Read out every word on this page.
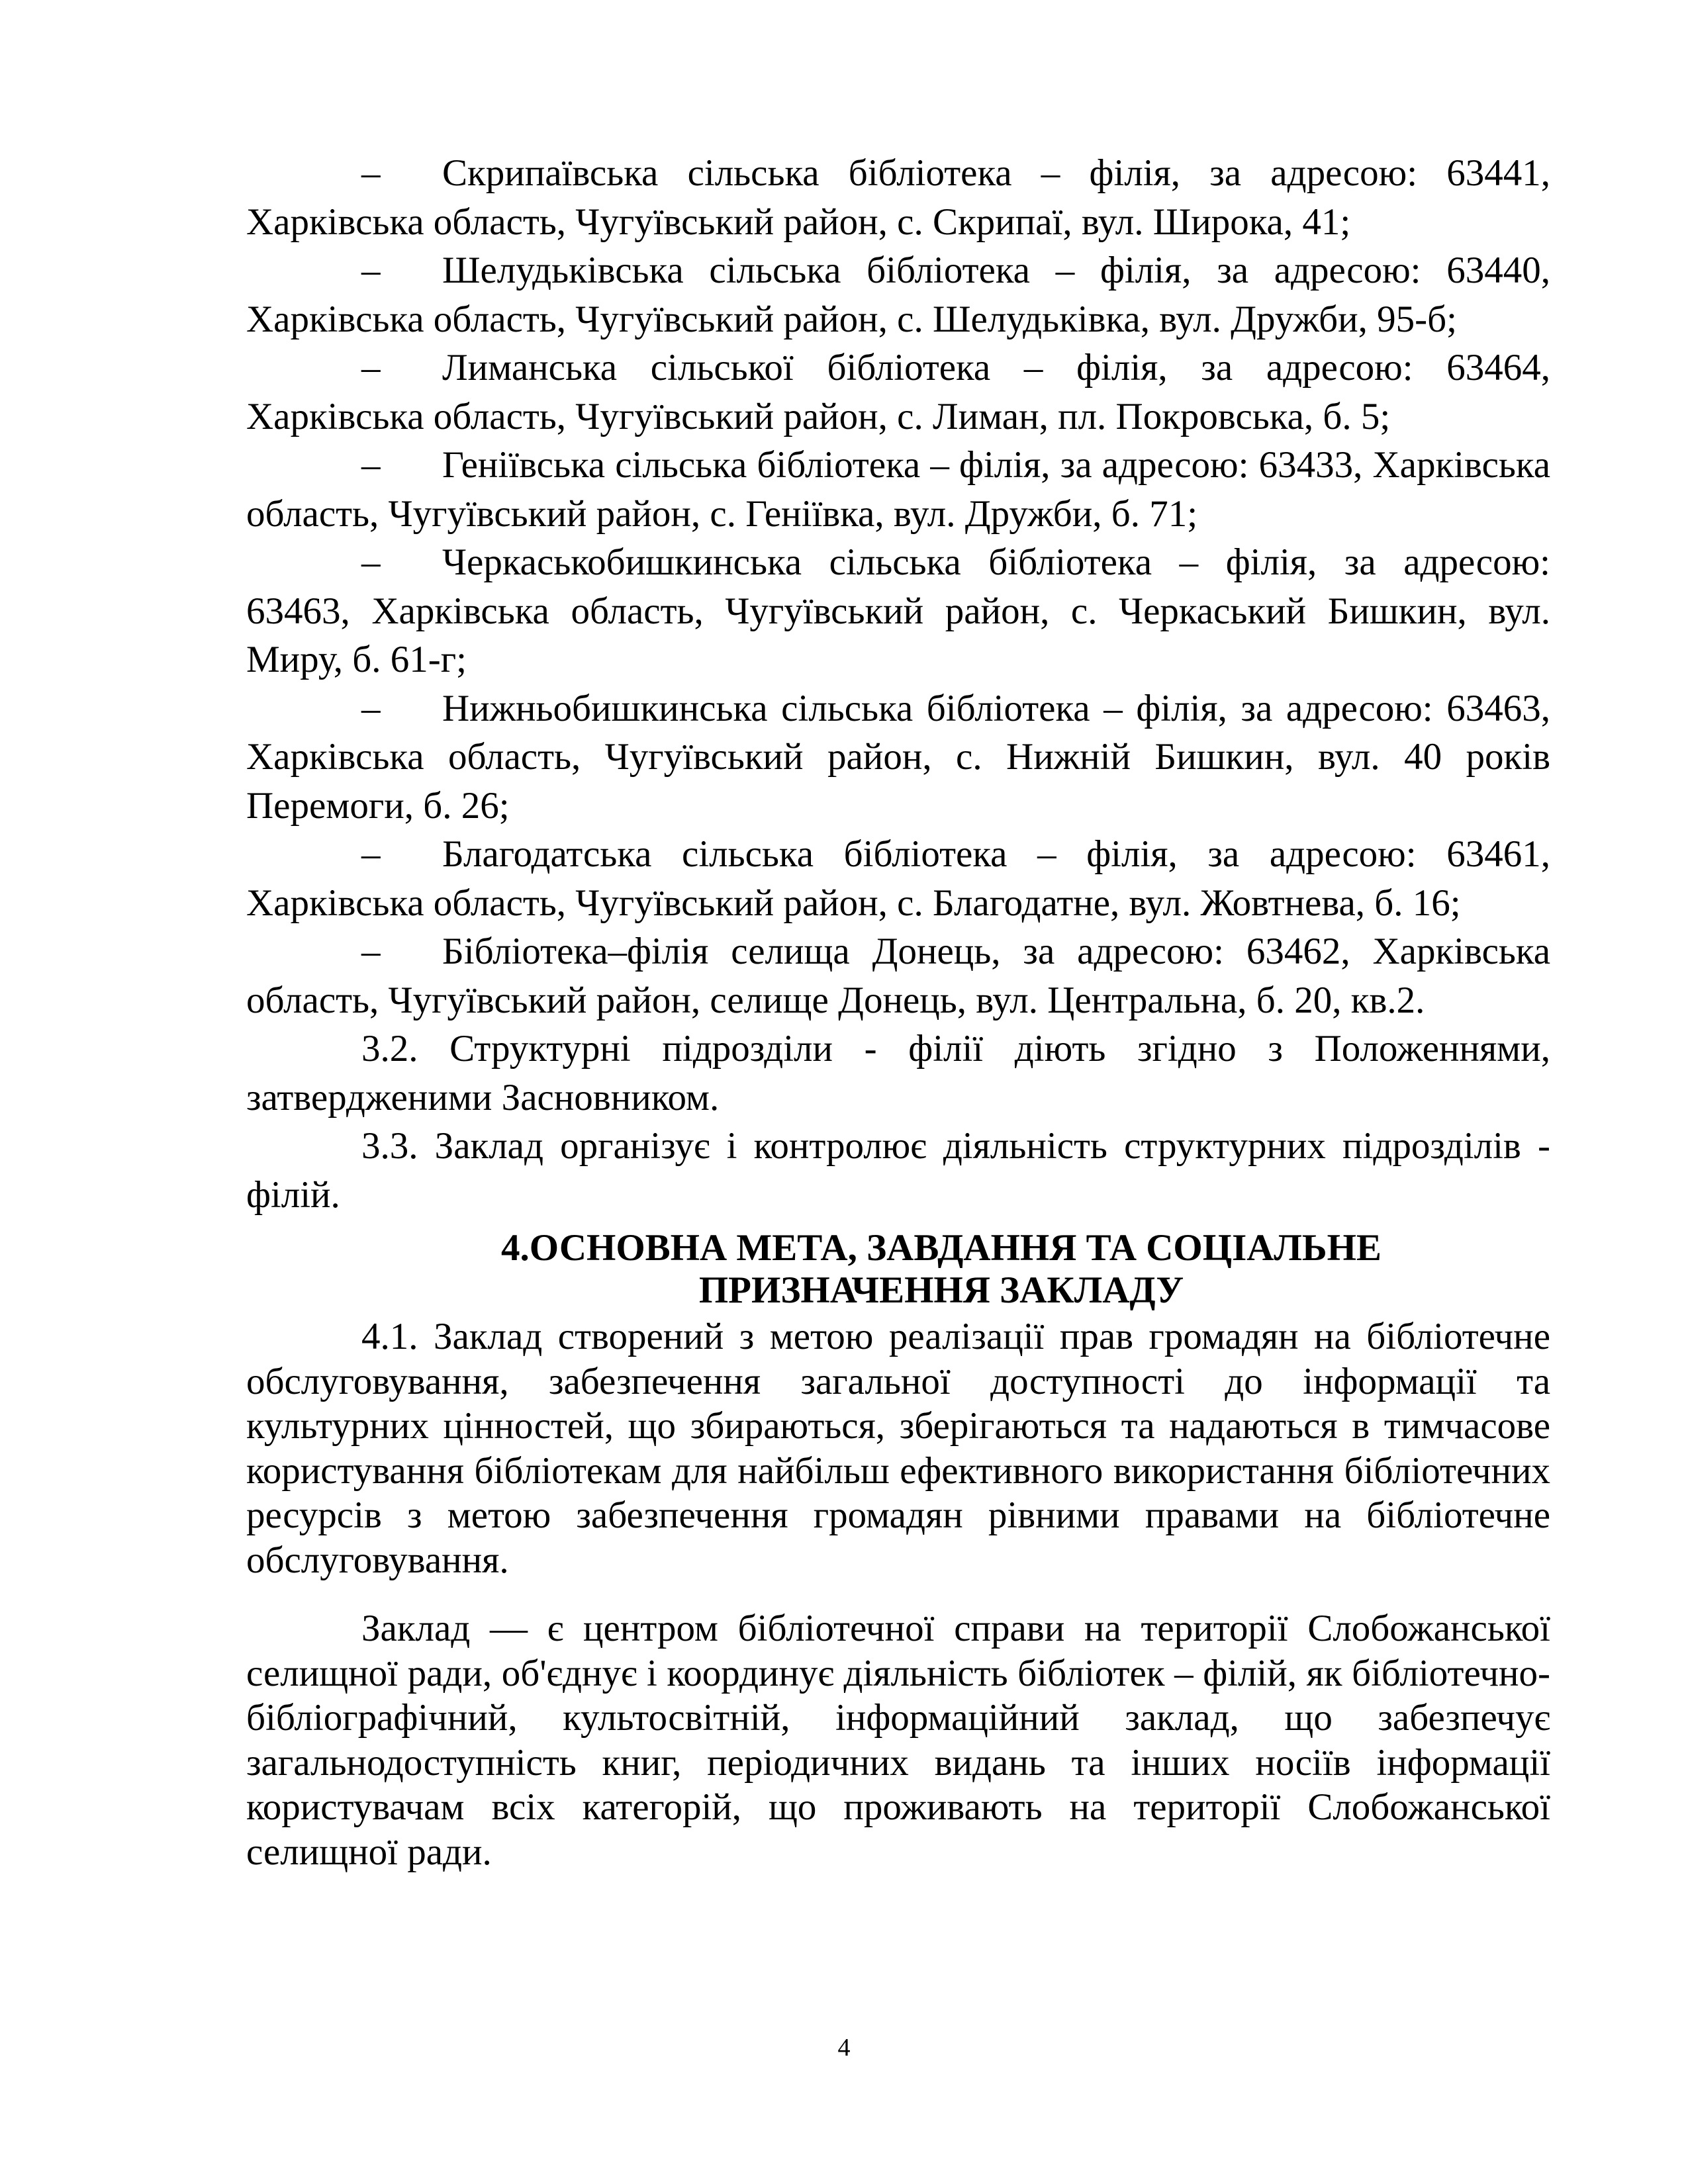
– Скрипаївська сільська бібліотека – філія, за адресою: 63441, Харківська область, Чугуївський район, с. Скрипаї, вул. Широка, 41;

– Шелудьківська сільська бібліотека – філія, за адресою: 63440, Харківська область, Чугуївський район, с. Шелудьківка, вул. Дружби, 95-б;

– Лиманська сільської бібліотека – філія, за адресою: 63464, Харківська область, Чугуївський район, с. Лиман, пл. Покровська, б. 5;

– Геніївська сільська бібліотека – філія, за адресою: 63433, Харківська область, Чугуївський район, с. Геніївка, вул. Дружби, б. 71;

– Черкаськобишкинська сільська бібліотека – філія, за адресою: 63463, Харківська область, Чугуївський район, с. Черкаський Бишкин, вул. Миру, б. 61-г;

– Нижньобишкинська сільська бібліотека – філія, за адресою: 63463, Харківська область, Чугуївський район, с. Нижній Бишкин, вул. 40 років Перемоги, б. 26;

– Благодатська сільська бібліотека – філія, за адресою: 63461, Харківська область, Чугуївський район, с. Благодатне, вул. Жовтнева, б. 16;

– Бібліотека–філія селища Донець, за адресою: 63462, Харківська область, Чугуївський район, селище Донець, вул. Центральна, б. 20, кв.2.

3.2. Структурні підрозділи - філії діють згідно з Положеннями, затвердженими Засновником.

3.3. Заклад організує і контролює діяльність структурних підрозділів - філій.

4.ОСНОВНА МЕТА, ЗАВДАННЯ ТА СОЦІАЛЬНЕ

ПРИЗНАЧЕННЯ ЗАКЛАДУ

4.1. Заклад створений з метою реалізації прав громадян на бібліотечне обслуговування, забезпечення загальної доступності до інформації та культурних цінностей, що збираються, зберігаються та надаються в тимчасове користування бібліотекам для найбільш ефективного використання бібліотечних ресурсів з метою забезпечення громадян рівними правами на бібліотечне обслуговування.

Заклад — є центром бібліотечної справи на території Слобожанської селищної ради, об'єднує і координує діяльність бібліотек – філій, як бібліотечно-бібліографічний, культосвітній, інформаційний заклад, що забезпечує загальнодоступність книг, періодичних видань та інших носіїв інформації користувачам всіх категорій, що проживають на території Слобожанської селищної ради.

4
